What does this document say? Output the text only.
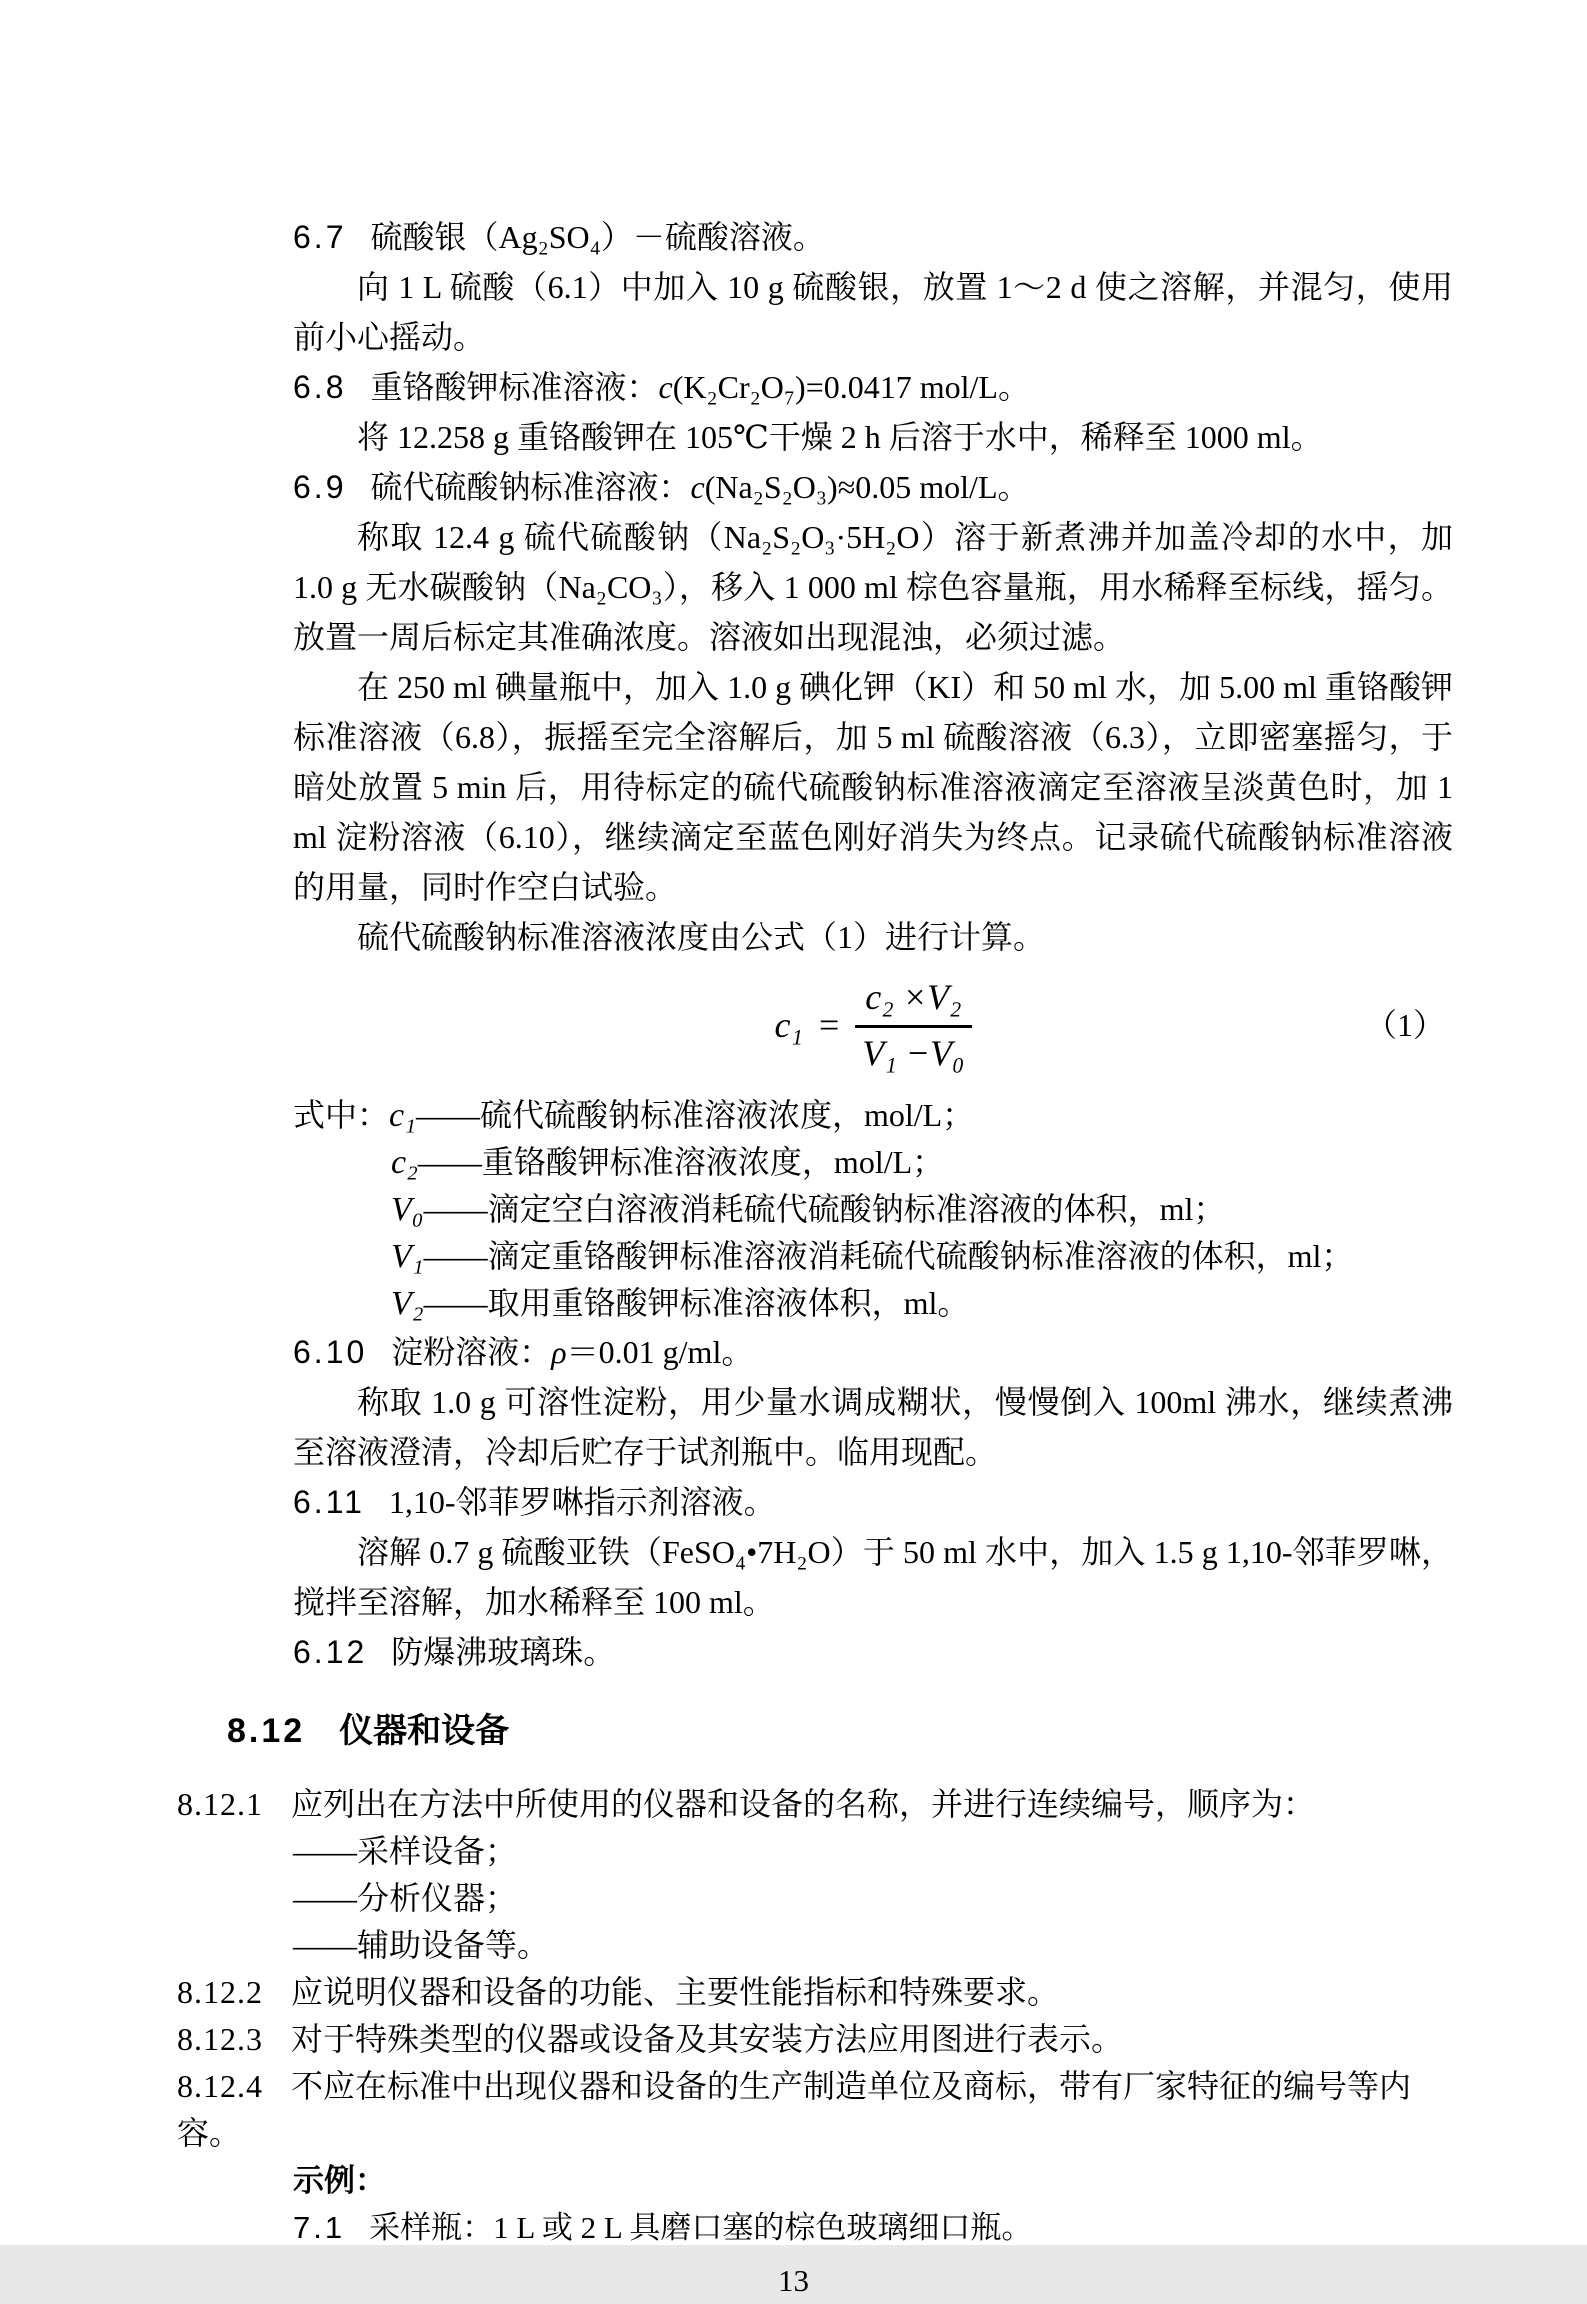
6.7 硫酸银（Ag₂SO₄）－硫酸溶液。

向 1 L 硫酸（6.1）中加入 10 g 硫酸银，放置 1～2 d 使之溶解，并混匀，使用前小心摇动。

6.8 重铬酸钾标准溶液：c(K₂Cr₂O₇)=0.0417 mol/L。

将 12.258 g 重铬酸钾在 105℃干燥 2 h 后溶于水中，稀释至 1000 ml。

6.9 硫代硫酸钠标准溶液：c(Na₂S₂O₃)≈0.05 mol/L。

称取 12.4 g 硫代硫酸钠（Na₂S₂O₃·5H₂O）溶于新煮沸并加盖冷却的水中，加 1.0 g 无水碳酸钠（Na₂CO₃），移入 1 000 ml 棕色容量瓶，用水稀释至标线，摇匀。放置一周后标定其准确浓度。溶液如出现混浊，必须过滤。

在 250 ml 碘量瓶中，加入 1.0 g 碘化钾（KI）和 50 ml 水，加 5.00 ml 重铬酸钾标准溶液（6.8），振摇至完全溶解后，加 5 ml 硫酸溶液（6.3），立即密塞摇匀，于暗处放置 5 min 后，用待标定的硫代硫酸钠标准溶液滴定至溶液呈淡黄色时，加 1 ml 淀粉溶液（6.10），继续滴定至蓝色刚好消失为终点。记录硫代硫酸钠标准溶液的用量，同时作空白试验。

硫代硫酸钠标准溶液浓度由公式（1）进行计算。

$c_1 = \frac{\text{c₂ ×V₂}}{\text{V₁ −V₀}}$	（1）
式中：c₁——硫代硫酸钠标准溶液浓度，mol/L；
c₂——重铬酸钾标准溶液浓度，mol/L；
V₀——滴定空白溶液消耗硫代硫酸钠标准溶液的体积，ml；
V₁——滴定重铬酸钾标准溶液消耗硫代硫酸钠标准溶液的体积，ml；
V₂——取用重铬酸钾标准溶液体积，ml。

6.10 淀粉溶液：ρ＝0.01 g/ml。

称取 1.0 g 可溶性淀粉，用少量水调成糊状，慢慢倒入 100ml 沸水，继续煮沸至溶液澄清，冷却后贮存于试剂瓶中。临用现配。

6.11 1,10-邻菲罗啉指示剂溶液。

溶解 0.7 g 硫酸亚铁（FeSO₄•7H₂O）于 50 ml 水中，加入 1.5 g 1,10-邻菲罗啉，搅拌至溶解，加水稀释至 100 ml。

6.12 防爆沸玻璃珠。

8.12 仪器和设备

8.12.1 应列出在方法中所使用的仪器和设备的名称，并进行连续编号，顺序为：

——采样设备；
——分析仪器；
——辅助设备等。

8.12.2 应说明仪器和设备的功能、主要性能指标和特殊要求。

8.12.3 对于特殊类型的仪器或设备及其安装方法应用图进行表示。

8.12.4 不应在标准中出现仪器和设备的生产制造单位及商标，带有厂家特征的编号等内容。

示例：

7.1 采样瓶：1 L 或 2 L 具磨口塞的棕色玻璃细口瓶。

13
